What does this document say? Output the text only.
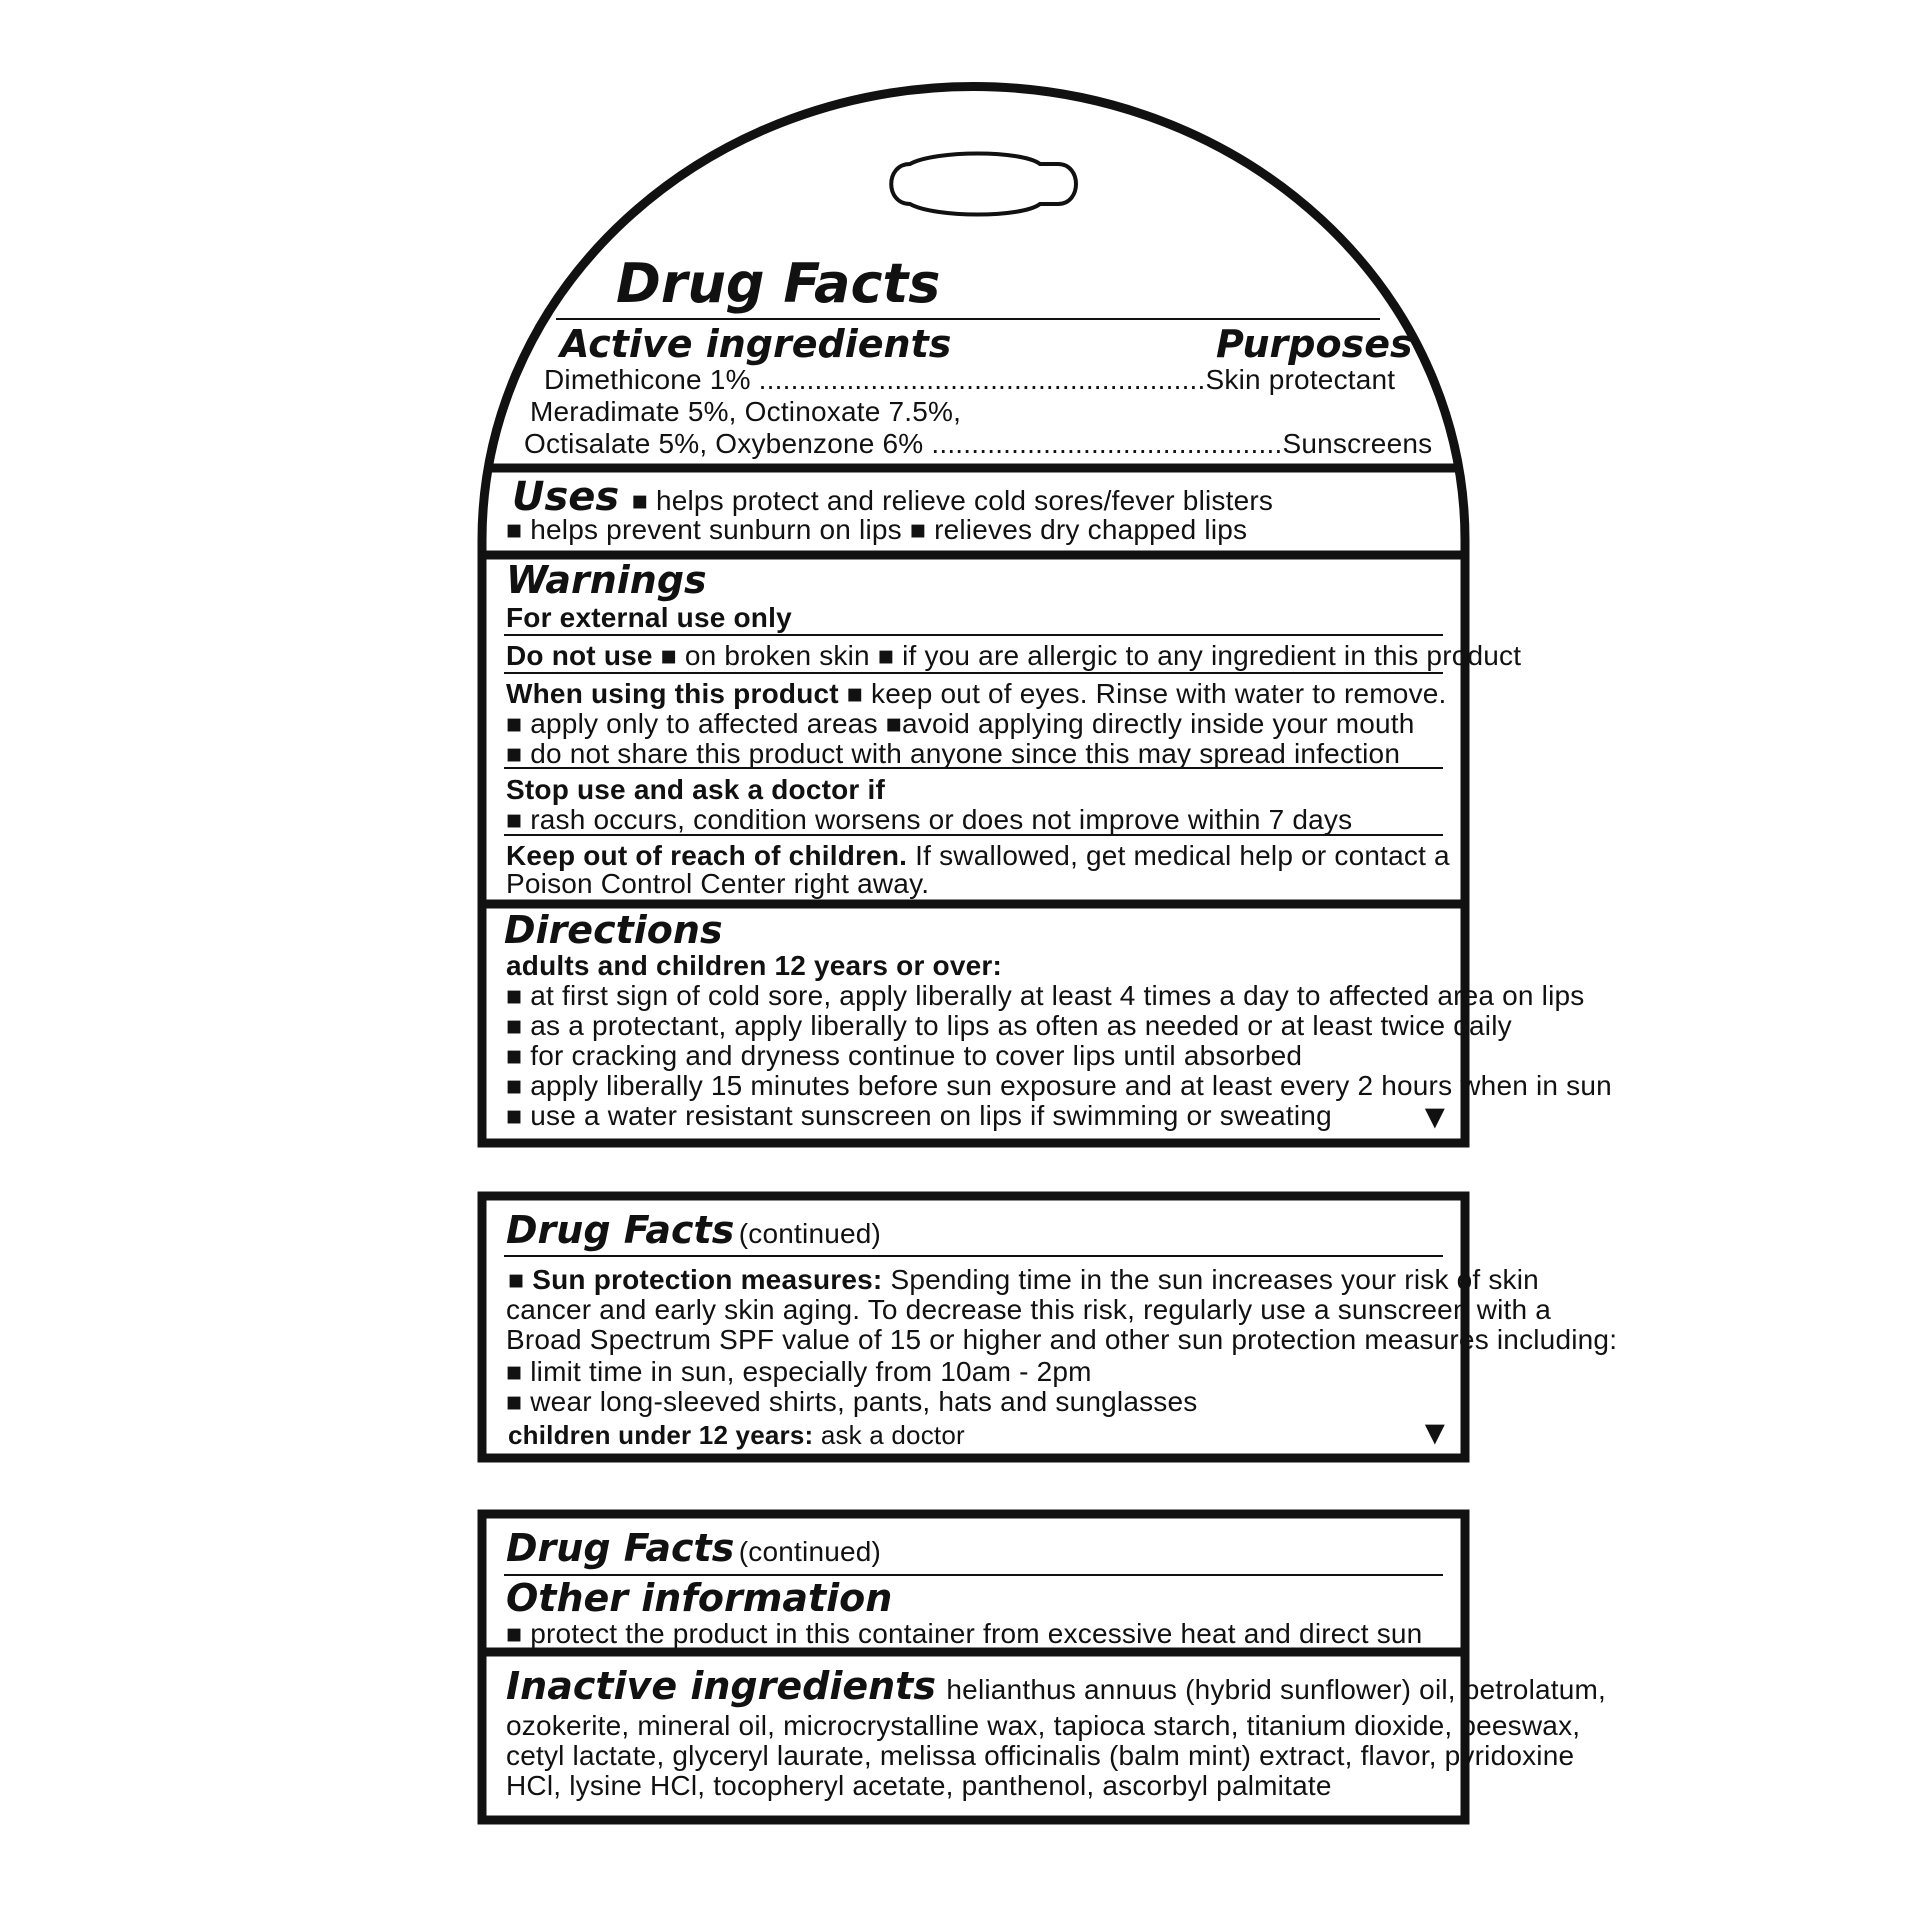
Drug Facts
Active ingredients	Purposes
Dimethicone 1% ........................................................Skin protectant
Meradimate 5%, Octinoxate 7.5%,
Octisalate 5%, Oxybenzone 6% ............................................Sunscreens
Uses ■ helps protect and relieve cold sores/fever blisters
■ helps prevent sunburn on lips ■ relieves dry chapped lips
Warnings
For external use only
Do not use ■ on broken skin ■ if you are allergic to any ingredient in this product
When using this product ■ keep out of eyes. Rinse with water to remove.
■ apply only to affected areas ■avoid applying directly inside your mouth
■ do not share this product with anyone since this may spread infection
Stop use and ask a doctor if
■ rash occurs, condition worsens or does not improve within 7 days
Keep out of reach of children. If swallowed, get medical help or contact a
Poison Control Center right away.
Directions
adults and children 12 years or over:
■ at first sign of cold sore, apply liberally at least 4 times a day to affected area on lips
■ as a protectant, apply liberally to lips as often as needed or at least twice daily
■ for cracking and dryness continue to cover lips until absorbed
■ apply liberally 15 minutes before sun exposure and at least every 2 hours when in sun
■ use a water resistant sunscreen on lips if swimming or sweating	▼
Drug Facts (continued)
■ Sun protection measures: Spending time in the sun increases your risk of skin
cancer and early skin aging. To decrease this risk, regularly use a sunscreen with a
Broad Spectrum SPF value of 15 or higher and other sun protection measures including:
■ limit time in sun, especially from 10am - 2pm
■ wear long-sleeved shirts, pants, hats and sunglasses
children under 12 years: ask a doctor	▼
Drug Facts (continued)
Other information
■ protect the product in this container from excessive heat and direct sun
Inactive ingredients helianthus annuus (hybrid sunflower) oil, petrolatum,
ozokerite, mineral oil, microcrystalline wax, tapioca starch, titanium dioxide, beeswax,
cetyl lactate, glyceryl laurate, melissa officinalis (balm mint) extract, flavor, pyridoxine
HCl, lysine HCl, tocopheryl acetate, panthenol, ascorbyl palmitate
